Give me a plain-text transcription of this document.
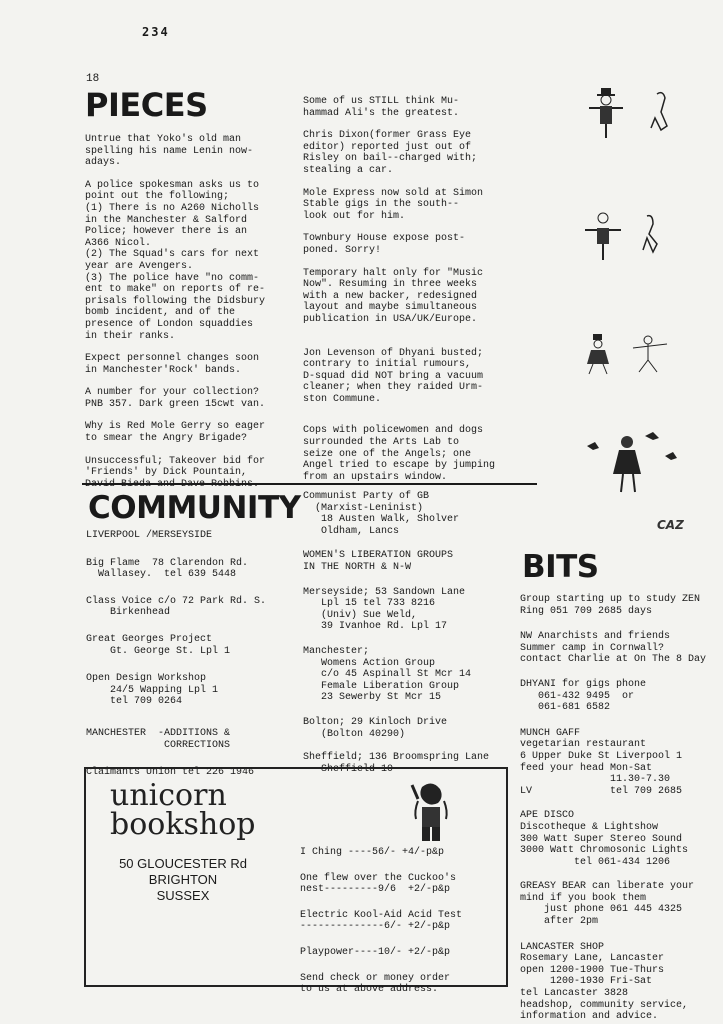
234
18
PIECES
Untrue that Yoko's old man
spelling his name Lenin now-
adays.
A police spokesman asks us to
point out the following;
(1) There is no A260 Nicholls
in the Manchester & Salford
Police; however there is an
A366 Nicol.
(2) The Squad's cars for next
year are Avengers.
(3) The police have "no comm-
ent to make" on reports of re-
prisals following the Didsbury
bomb incident, and of the
presence of London squaddies
in their ranks.
Expect personnel changes soon
in Manchester'Rock' bands.
A number for your collection?
PNB 357. Dark green 15cwt van.
Why is Red Mole Gerry so eager
to smear the Angry Brigade?
Unsuccessful; Takeover bid for
'Friends' by Dick Pountain,

Some of us STILL think Mu-
hammad Ali's the greatest.
Chris Dixon(former Grass Eye
editor) reported just out of
Risley on bail--charged with;
stealing a car.
Mole Express now sold at Simon
Stable gigs in the south--
look out for him.
Townbury House expose post-
poned. Sorry!
Temporary halt only for "Music
Now". Resuming in three weeks
with a new backer, redesigned
layout and maybe simultaneous
publication in USA/UK/Europe.
Jon Levenson of Dhyani busted;
contrary to initial rumours,
D-squad did NOT bring a vacuum
cleaner; when they raided Urm-
ston Commune.
Cops with policewomen and dogs
surrounded the Arts Lab to
seize one of the Angels; one
Angel tried to escape by jumping
from an upstairs window.
COMMUNITY
LIVERPOOL /MERSEYSIDE
Big Flame  78 Clarendon Rd.
Wallasey.  tel 639 5448
Class Voice c/o 72 Park Rd. S.
Birkenhead
Great Georges Project
Gt. George St. Lpl 1
Open Design Workshop
24/5 Wapping Lpl 1
tel 709 0264
MANCHESTER  -ADDITIONS &
CORRECTIONS
Claimants Union tel 226 1946
Communist Party of GB
(Marxist-Leninist)
18 Austen Walk, Sholver
Oldham, Lancs
WOMEN'S LIBERATION GROUPS
IN THE NORTH & N-W
Merseyside; 53 Sandown Lane
Lpl 15 tel 733 8216
(Univ) Sue Weld,
39 Ivanhoe Rd. Lpl 17
Manchester;
Womens Action Group
c/o 45 Aspinall St Mcr 14
Female Liberation Group
23 Sewerby St Mcr 15
Bolton; 29 Kinloch Drive
(Bolton 40290)
Sheffield; 136 Broomspring Lane
Sheffield 10
unicorn
bookshop
50 GLOUCESTER Rd
BRIGHTON
SUSSEX
I Ching ----56/- +4/-p&p
One flew over the Cuckoo's
nest---------9/6  +2/-p&p
Electric Kool-Aid Acid Test
--------------6/- +2/-p&p
Playpower----10/- +2/-p&p
Send check or money order
to us at above address.
BITS
Group starting up to study ZEN
Ring 051 709 2685 days
NW Anarchists and friends
Summer camp in Cornwall?
contact Charlie at On The 8 Day
DHYANI for gigs phone
061-432 9495  or
061-681 6582
MUNCH GAFF
vegetarian restaurant
6 Upper Duke St Liverpool 1
feed your head Mon-Sat
11.30-7.30
LV             tel 709 2685
APE DISCO
Discotheque & Lightshow
300 Watt Super Stereo Sound
3000 Watt Chromosonic Lights
tel 061-434 1206
GREASY BEAR can liberate your
mind if you book them
just phone 061 445 4325
after 2pm
LANCASTER SHOP
Rosemary Lane, Lancaster
open 1200-1900 Tue-Thurs
1200-1930 Fri-Sat
tel Lancaster 3828
headshop, community service,
information and advice.
CAZ
